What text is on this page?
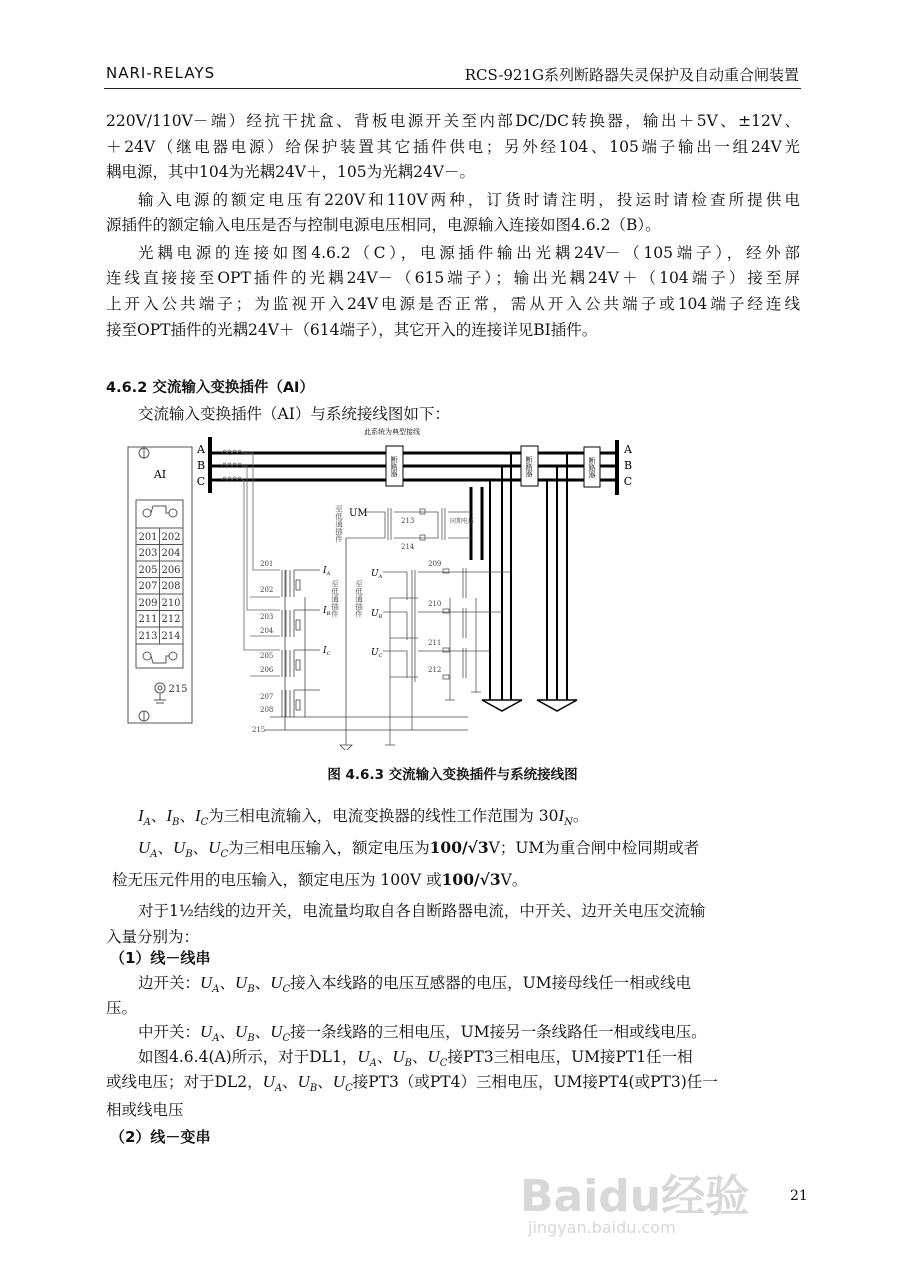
NARI-RELAYS	RCS-921G系列断路器失灵保护及自动重合闸装置
220V/110V－端）经抗干扰盒、背板电源开关至内部DC/DC转换器，输出＋5V、±12V、
＋24V（继电器电源）给保护装置其它插件供电；另外经104、105端子输出一组24V光
耦电源，其中104为光耦24V＋，105为光耦24V－。
输入电源的额定电压有220V和110V两种，订货时请注明，投运时请检查所提供电
源插件的额定输入电压是否与控制电源电压相同，电源输入连接如图4.6.2（B）。
光耦电源的连接如图4.6.2（C），电源插件输出光耦24V－（105端子），经外部
连线直接接至OPT插件的光耦24V－（615端子）；输出光耦24V＋（104端子）接至屏
上开入公共端子；为监视开入24V电源是否正常，需从开入公共端子或104端子经连线
接至OPT插件的光耦24V＋（614端子），其它开入的连接详见BI插件。
4.6.2 交流输入变换插件（AI）
交流输入变换插件（AI）与系统接线图如下：
AI
201 202
203 204
205 206
207 208
209 210
211 212
213 214
215
A
B
C
A
B
C
此系统为典型接线
断路器	断路器	断路器
201
202
203
204
205
206
207
208
215
209
210
211
212
213
214
$I_A$
$I_B$
$I_C$
$U_A$
$U_B$
$U_C$
至低通插件 至低通插件
至低通插件	同期电压
UM
图 4.6.3 交流输入变换插件与系统接线图
$I_A$、$I_B$、$I_C$为三相电流输入，电流变换器的线性工作范围为 $30I_N$。
$U_A$、$U_B$、$U_C$为三相电压输入，额定电压为100/√3V；UM为重合闸中检同期或者
检无压元件用的电压输入，额定电压为 100V 或100/√3V。
对于1½结线的边开关，电流量均取自各自断路器电流，中开关、边开关电压交流输
入量分别为：
（1）线－线串
边开关：$U_A$、$U_B$、$U_C$接入本线路的电压互感器的电压，UM接母线任一相或线电
压。
中开关：$U_A$、$U_B$、$U_C$接一条线路的三相电压，UM接另一条线路任一相或线电压。
如图4.6.4(A)所示，对于DL1，$U_A$、$U_B$、$U_C$接PT3三相电压，UM接PT1任一相
或线电压；对于DL2，$U_A$、$U_B$、$U_C$接PT3（或PT4）三相电压，UM接PT4(或PT3)任一
相或线电压
（2）线－变串
Baidu经验
jingyan.baidu.com
21
